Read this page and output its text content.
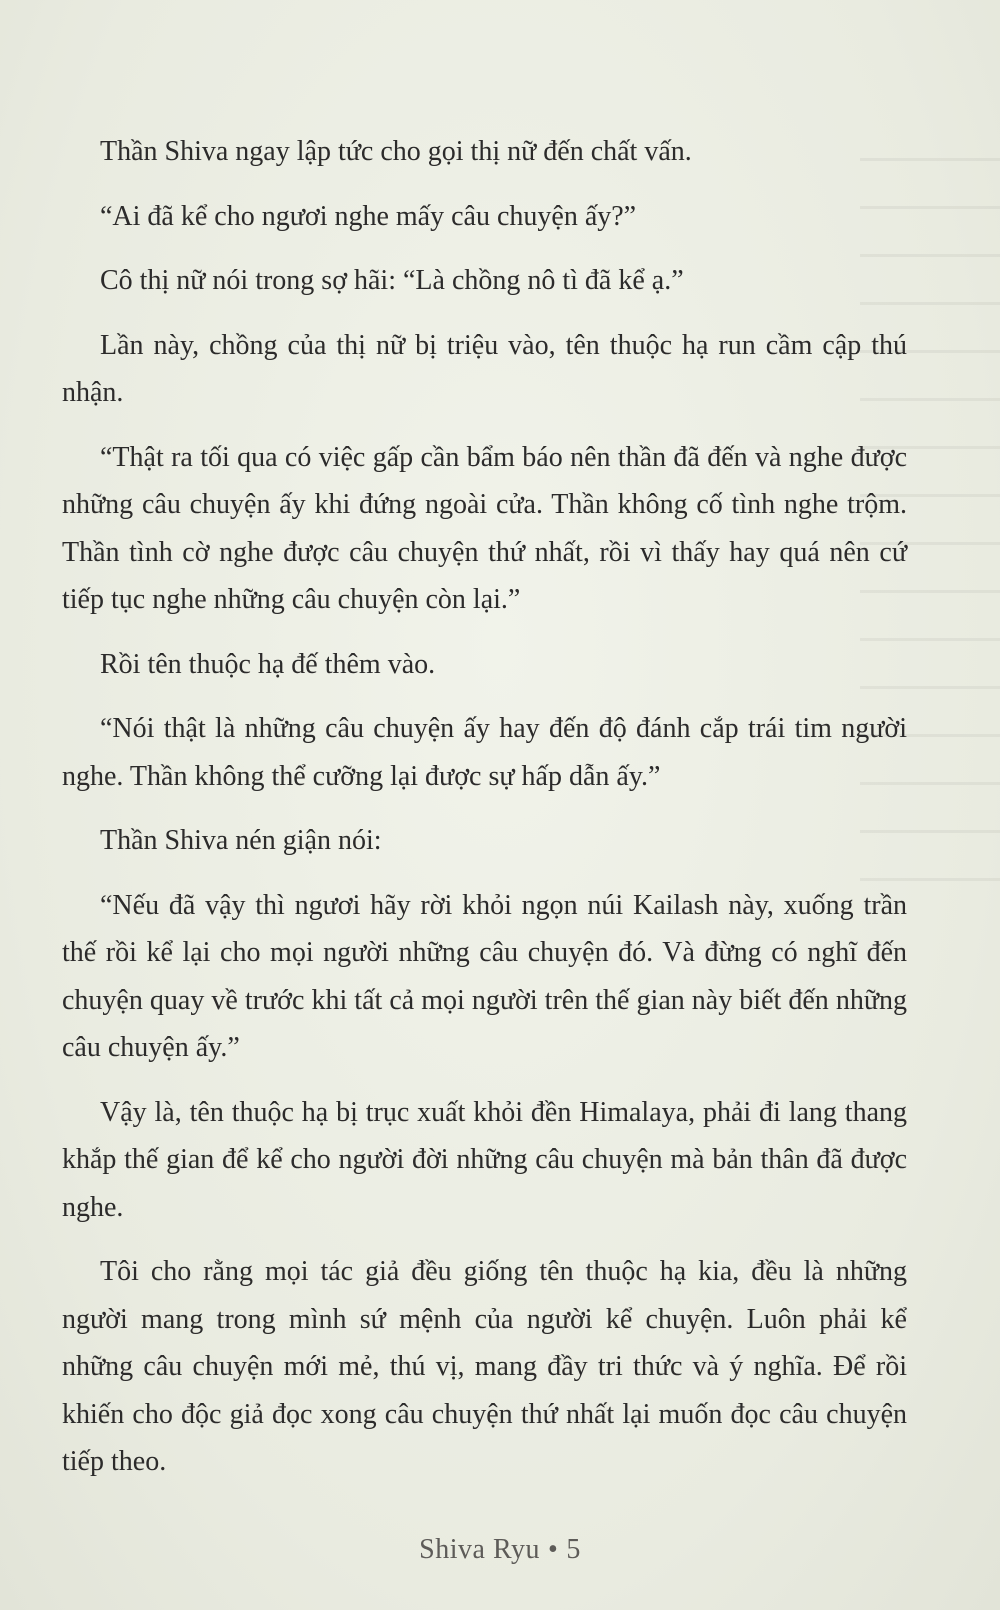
Thần Shiva ngay lập tức cho gọi thị nữ đến chất vấn.

“Ai đã kể cho ngươi nghe mấy câu chuyện ấy?”

Cô thị nữ nói trong sợ hãi: “Là chồng nô tì đã kể ạ.”

Lần này, chồng của thị nữ bị triệu vào, tên thuộc hạ run cầm cập thú nhận.

“Thật ra tối qua có việc gấp cần bẩm báo nên thần đã đến và nghe được những câu chuyện ấy khi đứng ngoài cửa. Thần không cố tình nghe trộm. Thần tình cờ nghe được câu chuyện thứ nhất, rồi vì thấy hay quá nên cứ tiếp tục nghe những câu chuyện còn lại.”

Rồi tên thuộc hạ đế thêm vào.

“Nói thật là những câu chuyện ấy hay đến độ đánh cắp trái tim người nghe. Thần không thể cưỡng lại được sự hấp dẫn ấy.”

Thần Shiva nén giận nói:

“Nếu đã vậy thì ngươi hãy rời khỏi ngọn núi Kailash này, xuống trần thế rồi kể lại cho mọi người những câu chuyện đó. Và đừng có nghĩ đến chuyện quay về trước khi tất cả mọi người trên thế gian này biết đến những câu chuyện ấy.”

Vậy là, tên thuộc hạ bị trục xuất khỏi đền Himalaya, phải đi lang thang khắp thế gian để kể cho người đời những câu chuyện mà bản thân đã được nghe.

Tôi cho rằng mọi tác giả đều giống tên thuộc hạ kia, đều là những người mang trong mình sứ mệnh của người kể chuyện. Luôn phải kể những câu chuyện mới mẻ, thú vị, mang đầy tri thức và ý nghĩa. Để rồi khiến cho độc giả đọc xong câu chuyện thứ nhất lại muốn đọc câu chuyện tiếp theo.

Shiva Ryu • 5
